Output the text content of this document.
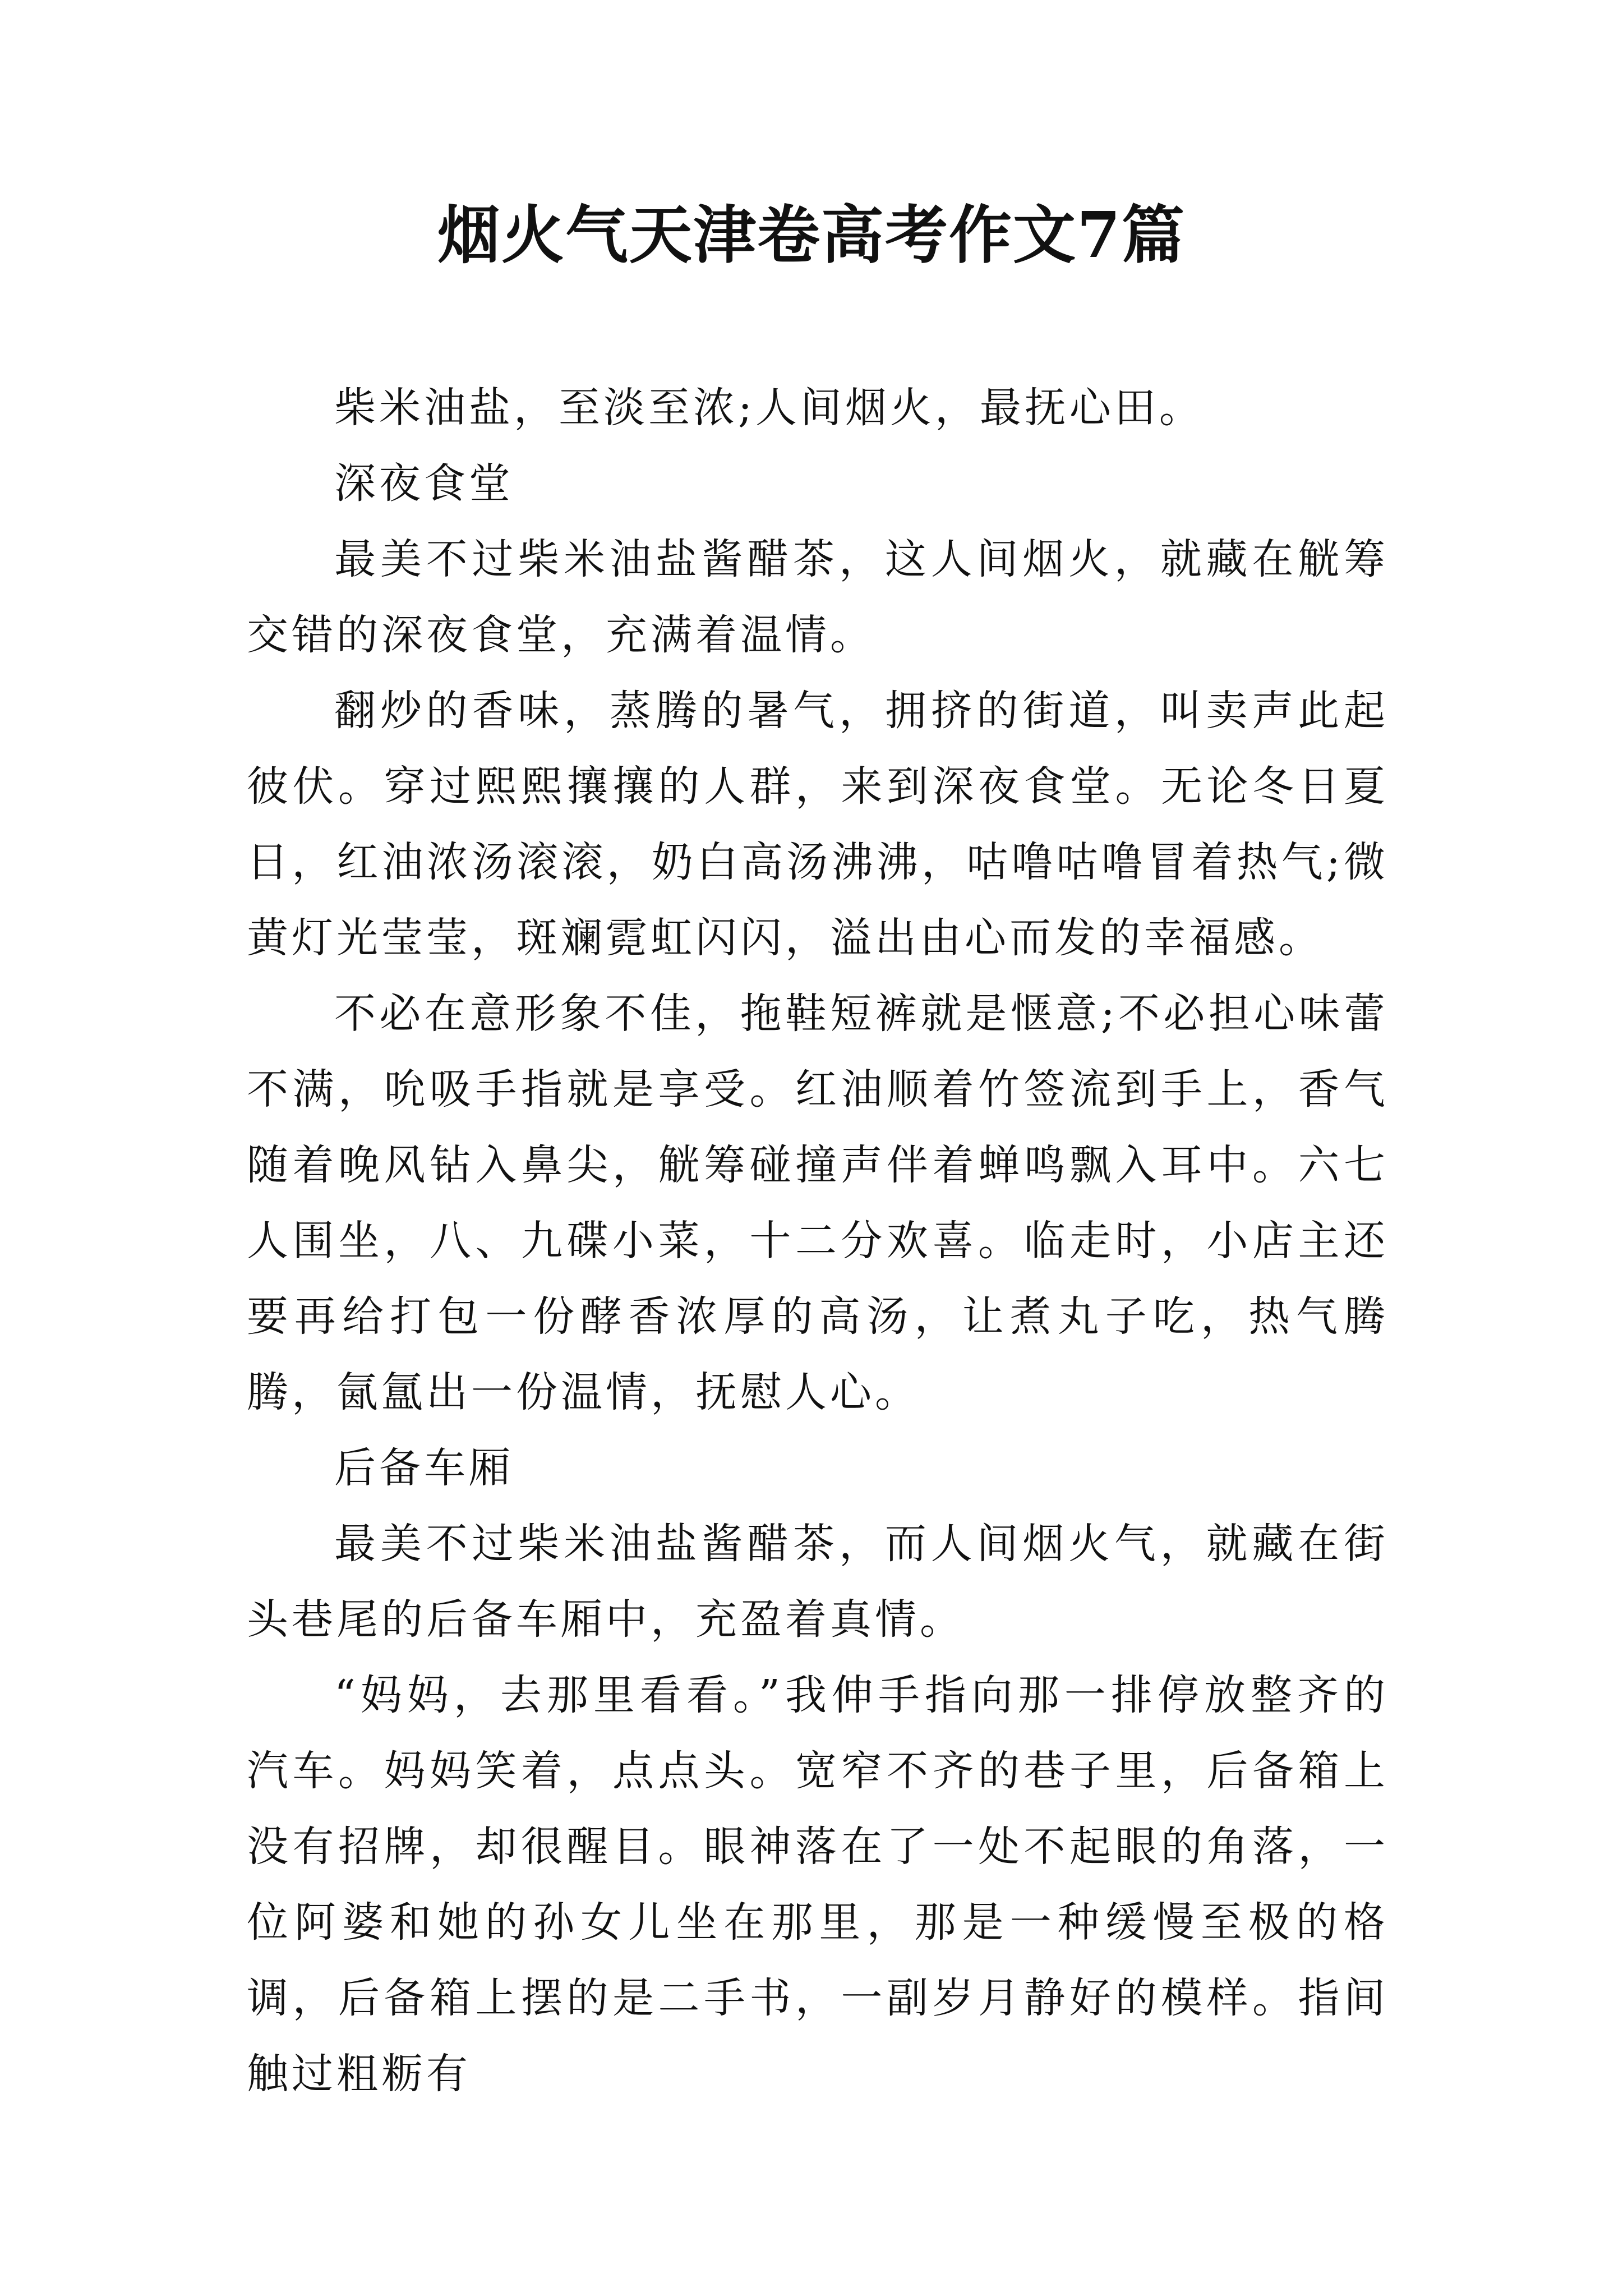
烟火气天津卷高考作文7篇

柴米油盐，至淡至浓;人间烟火，最抚心田。

深夜食堂

最美不过柴米油盐酱醋茶，这人间烟火，就藏在觥筹交错的深夜食堂，充满着温情。

翻炒的香味，蒸腾的暑气，拥挤的街道，叫卖声此起彼伏。穿过熙熙攘攘的人群，来到深夜食堂。无论冬日夏日，红油浓汤滚滚，奶白高汤沸沸，咕噜咕噜冒着热气;微黄灯光莹莹，斑斓霓虹闪闪，溢出由心而发的幸福感。

不必在意形象不佳，拖鞋短裤就是惬意;不必担心味蕾不满，吮吸手指就是享受。红油顺着竹签流到手上，香气随着晚风钻入鼻尖，觥筹碰撞声伴着蝉鸣飘入耳中。六七人围坐，八、九碟小菜，十二分欢喜。临走时，小店主还要再给打包一份酵香浓厚的高汤，让煮丸子吃，热气腾腾，氤氲出一份温情，抚慰人心。

后备车厢

最美不过柴米油盐酱醋茶，而人间烟火气，就藏在街头巷尾的后备车厢中，充盈着真情。

“妈妈，去那里看看。”我伸手指向那一排停放整齐的汽车。妈妈笑着，点点头。宽窄不齐的巷子里，后备箱上没有招牌，却很醒目。眼神落在了一处不起眼的角落，一位阿婆和她的孙女儿坐在那里，那是一种缓慢至极的格调，后备箱上摆的是二手书，一副岁月静好的模样。指间触过粗粝有
